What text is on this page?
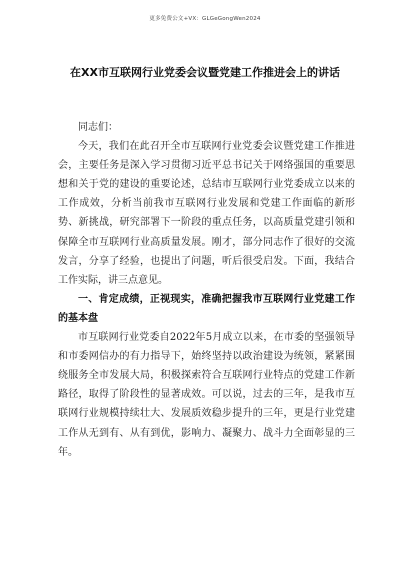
更多免费公文+VX：GLGeGongWen2024
在XX市互联网行业党委会议暨党建工作推进会上的讲话

同志们：

今天，我们在此召开全市互联网行业党委会议暨党建工作推进会，主要任务是深入学习贯彻习近平总书记关于网络强国的重要思想和关于党的建设的重要论述，总结市互联网行业党委成立以来的工作成效，分析当前我市互联网行业发展和党建工作面临的新形势、新挑战，研究部署下一阶段的重点任务，以高质量党建引领和保障全市互联网行业高质量发展。刚才，部分同志作了很好的交流发言，分享了经验，也提出了问题，听后很受启发。下面，我结合工作实际，讲三点意见。

一、肯定成绩，正视现实，准确把握我市互联网行业党建工作的基本盘

市互联网行业党委自2022年5月成立以来，在市委的坚强领导和市委网信办的有力指导下，始终坚持以政治建设为统领，紧紧围绕服务全市发展大局，积极探索符合互联网行业特点的党建工作新路径，取得了阶段性的显著成效。可以说，过去的三年，是我市互联网行业规模持续壮大、发展质效稳步提升的三年，更是行业党建工作从无到有、从有到优，影响力、凝聚力、战斗力全面彰显的三年。
